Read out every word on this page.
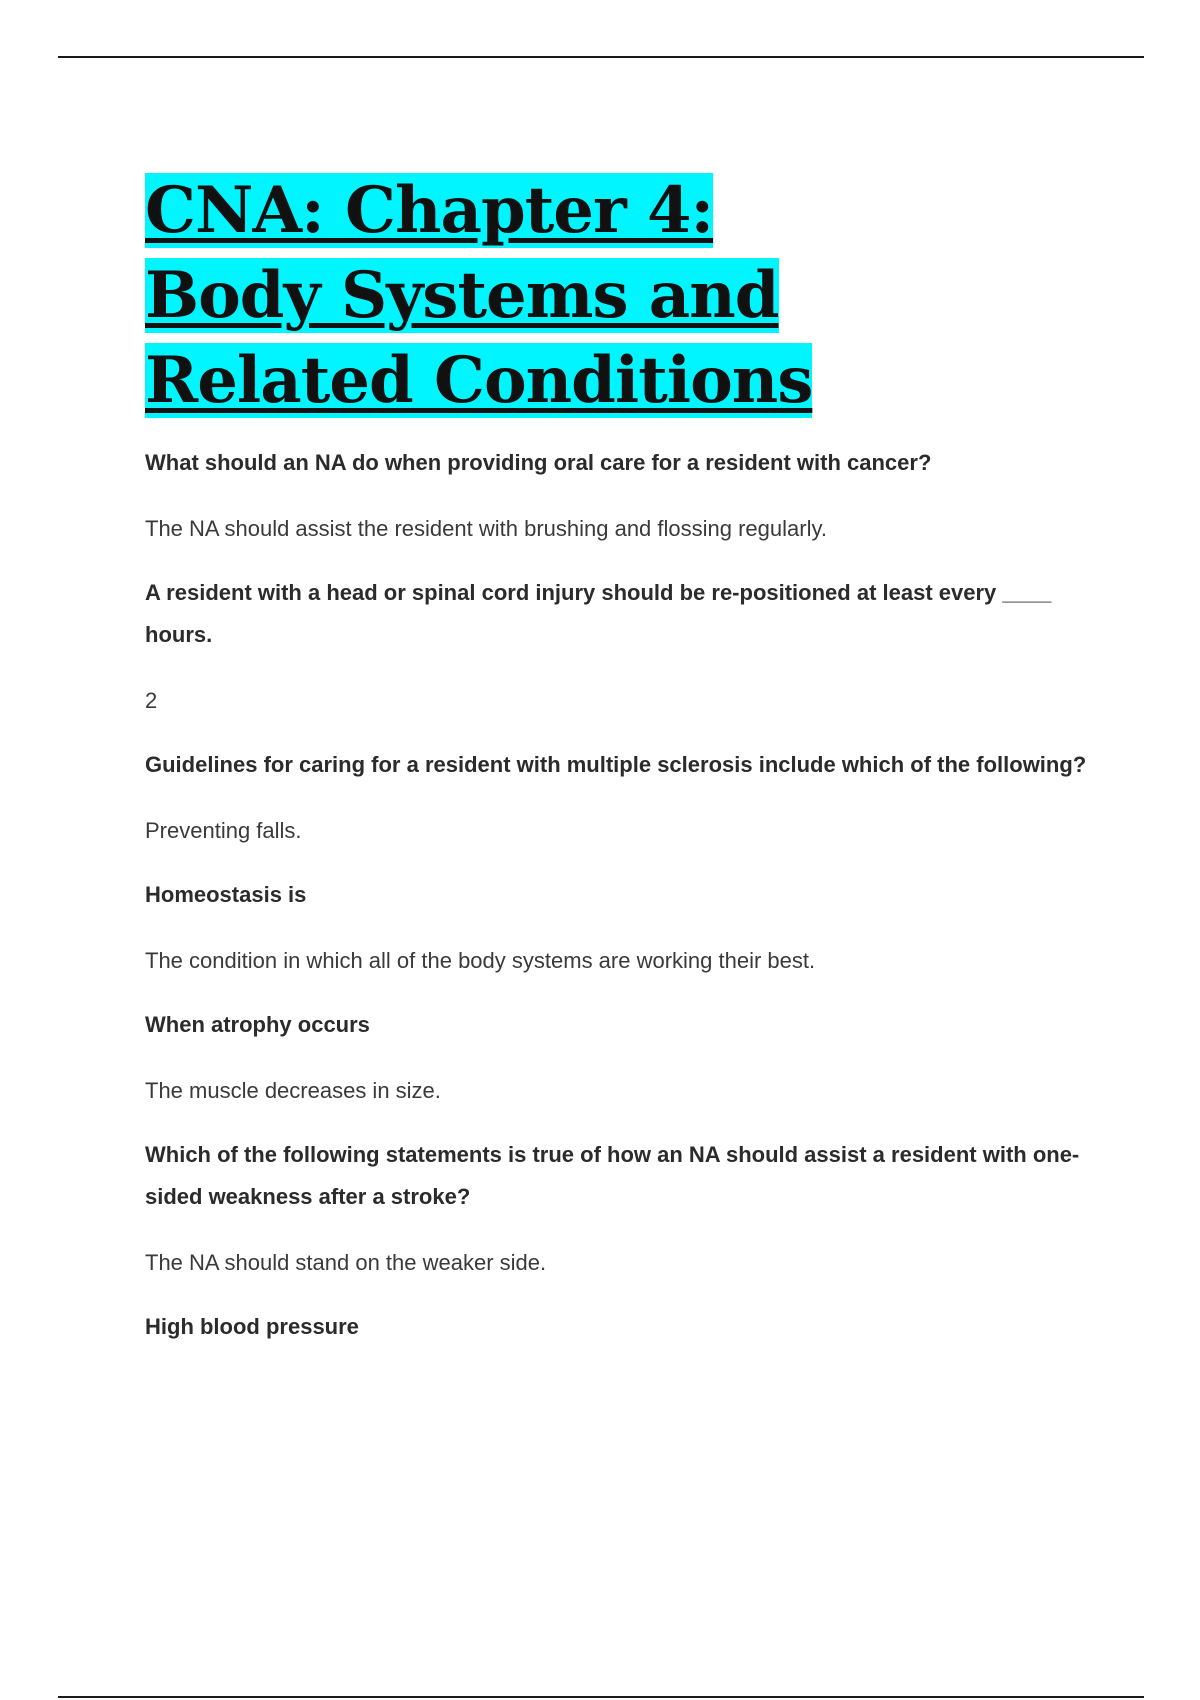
CNA: Chapter 4: Body Systems and Related Conditions

What should an NA do when providing oral care for a resident with cancer?

The NA should assist the resident with brushing and flossing regularly.

A resident with a head or spinal cord injury should be re-positioned at least every ____ hours.

2

Guidelines for caring for a resident with multiple sclerosis include which of the following?

Preventing falls.

Homeostasis is

The condition in which all of the body systems are working their best.

When atrophy occurs

The muscle decreases in size.

Which of the following statements is true of how an NA should assist a resident with one-sided weakness after a stroke?

The NA should stand on the weaker side.

High blood pressure
